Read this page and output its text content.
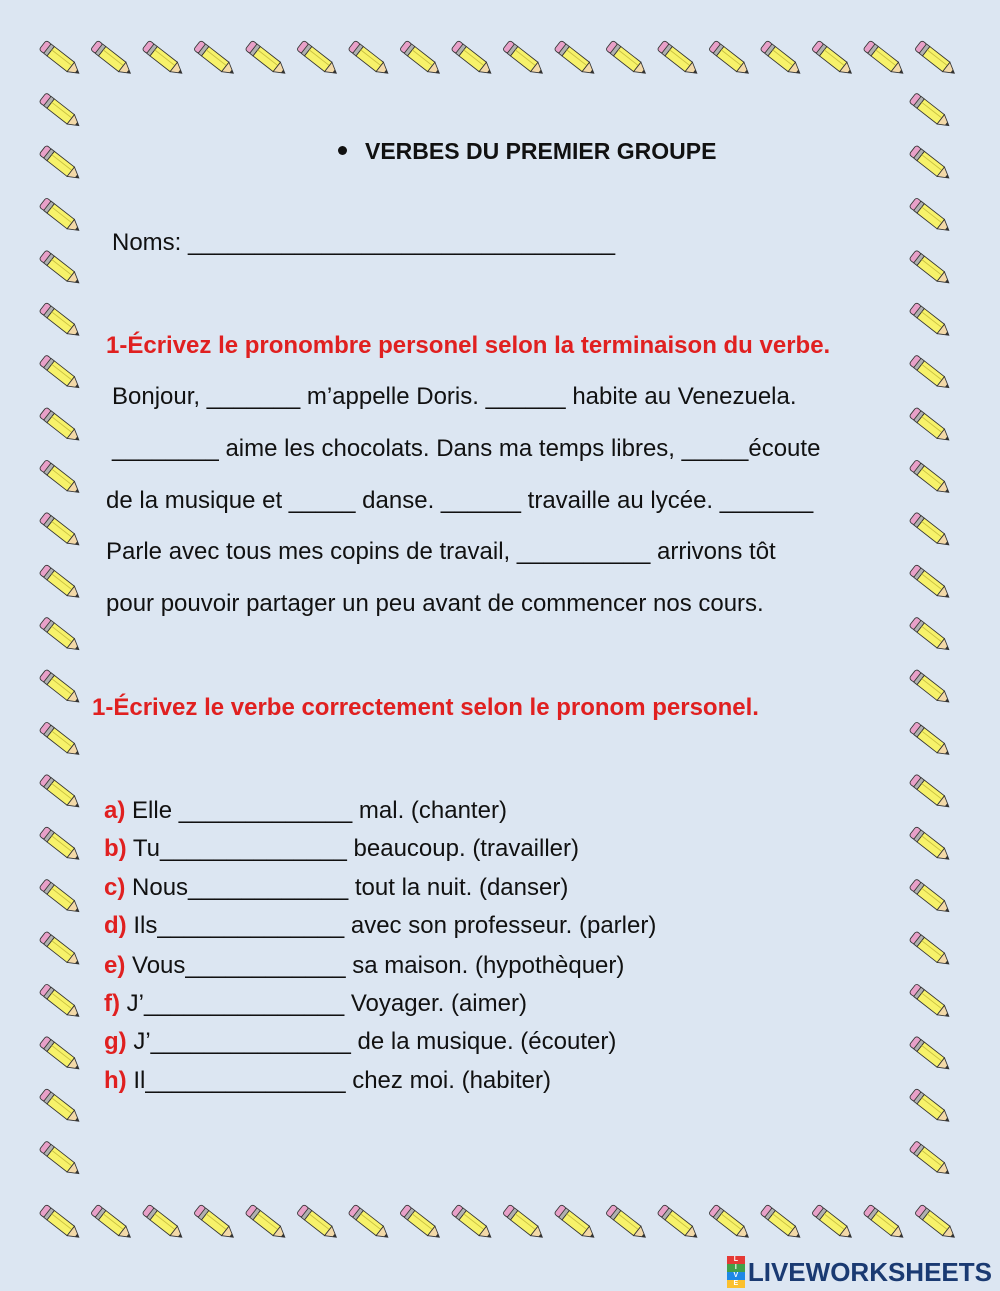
VERBES DU PREMIER GROUPE
Noms: ________________________________
1-Écrivez le pronombre personel selon la terminaison du verbe.
Bonjour, _______ m’appelle Doris. ______ habite au Venezuela.
________ aime les chocolats. Dans ma temps libres, _____écoute
de la musique et _____ danse. ______ travaille au lycée. _______
Parle avec tous mes copins de travail, __________ arrivons tôt
pour pouvoir partager un peu avant de commencer nos cours.
1-Écrivez le verbe correctement selon le pronom personel.
a) Elle _____________ mal. (chanter)
b) Tu______________ beaucoup. (travailler)
c) Nous____________ tout la nuit. (danser)
d) Ils______________ avec son professeur. (parler)
e) Vous____________ sa maison. (hypothèquer)
f) J’_______________ Voyager. (aimer)
g) J’_______________ de la musique. (écouter)
h) Il_______________ chez moi. (habiter)
L
I
V
E LIVEWORKSHEETS
